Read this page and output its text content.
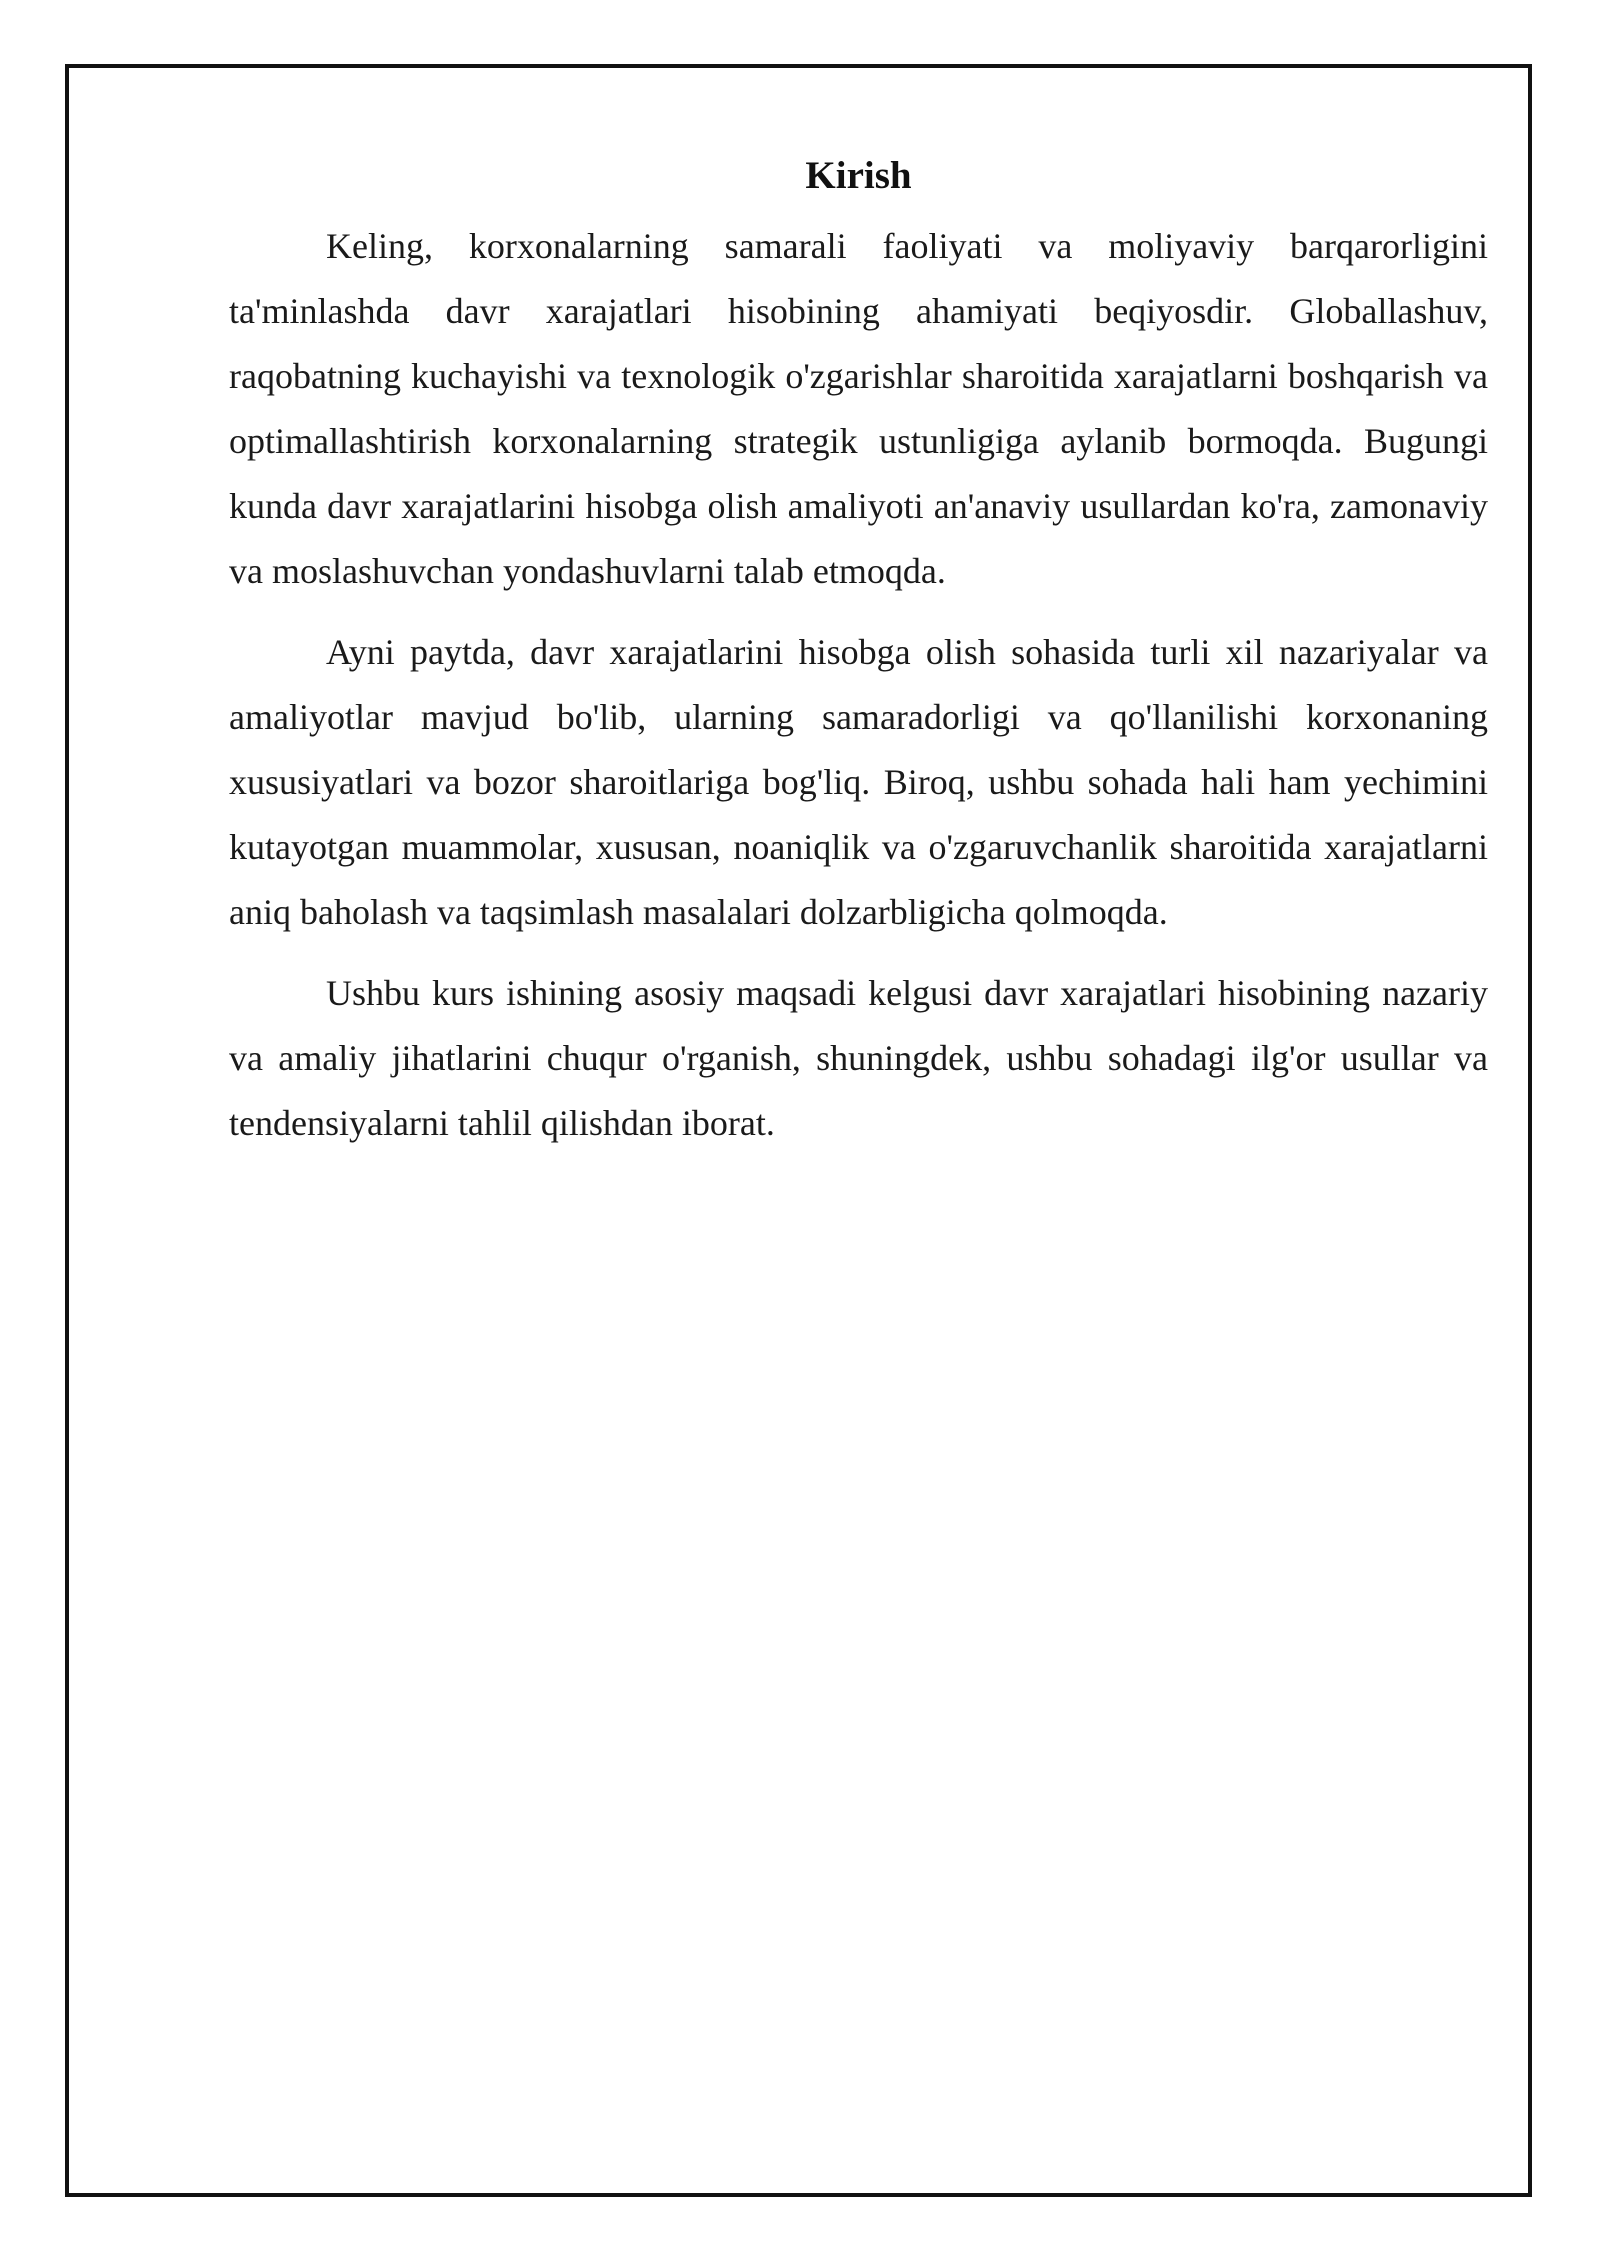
Kirish

Keling, korxonalarning samarali faoliyati va moliyaviy barqarorligini ta'minlashda davr xarajatlari hisobining ahamiyati beqiyosdir. Globallashuv, raqobatning kuchayishi va texnologik o'zgarishlar sharoitida xarajatlarni boshqarish va optimallashtirish korxonalarning strategik ustunligiga aylanib bormoqda. Bugungi kunda davr xarajatlarini hisobga olish amaliyoti an'anaviy usullardan ko'ra, zamonaviy va moslashuvchan yondashuvlarni talab etmoqda.

Ayni paytda, davr xarajatlarini hisobga olish sohasida turli xil nazariyalar va amaliyotlar mavjud bo'lib, ularning samaradorligi va qo'llanilishi korxonaning xususiyatlari va bozor sharoitlariga bog'liq. Biroq, ushbu sohada hali ham yechimini kutayotgan muammolar, xususan, noaniqlik va o'zgaruvchanlik sharoitida xarajatlarni aniq baholash va taqsimlash masalalari dolzarbligicha qolmoqda.

Ushbu kurs ishining asosiy maqsadi kelgusi davr xarajatlari hisobining nazariy va amaliy jihatlarini chuqur o'rganish, shuningdek, ushbu sohadagi ilg'or usullar va tendensiyalarni tahlil qilishdan iborat.
